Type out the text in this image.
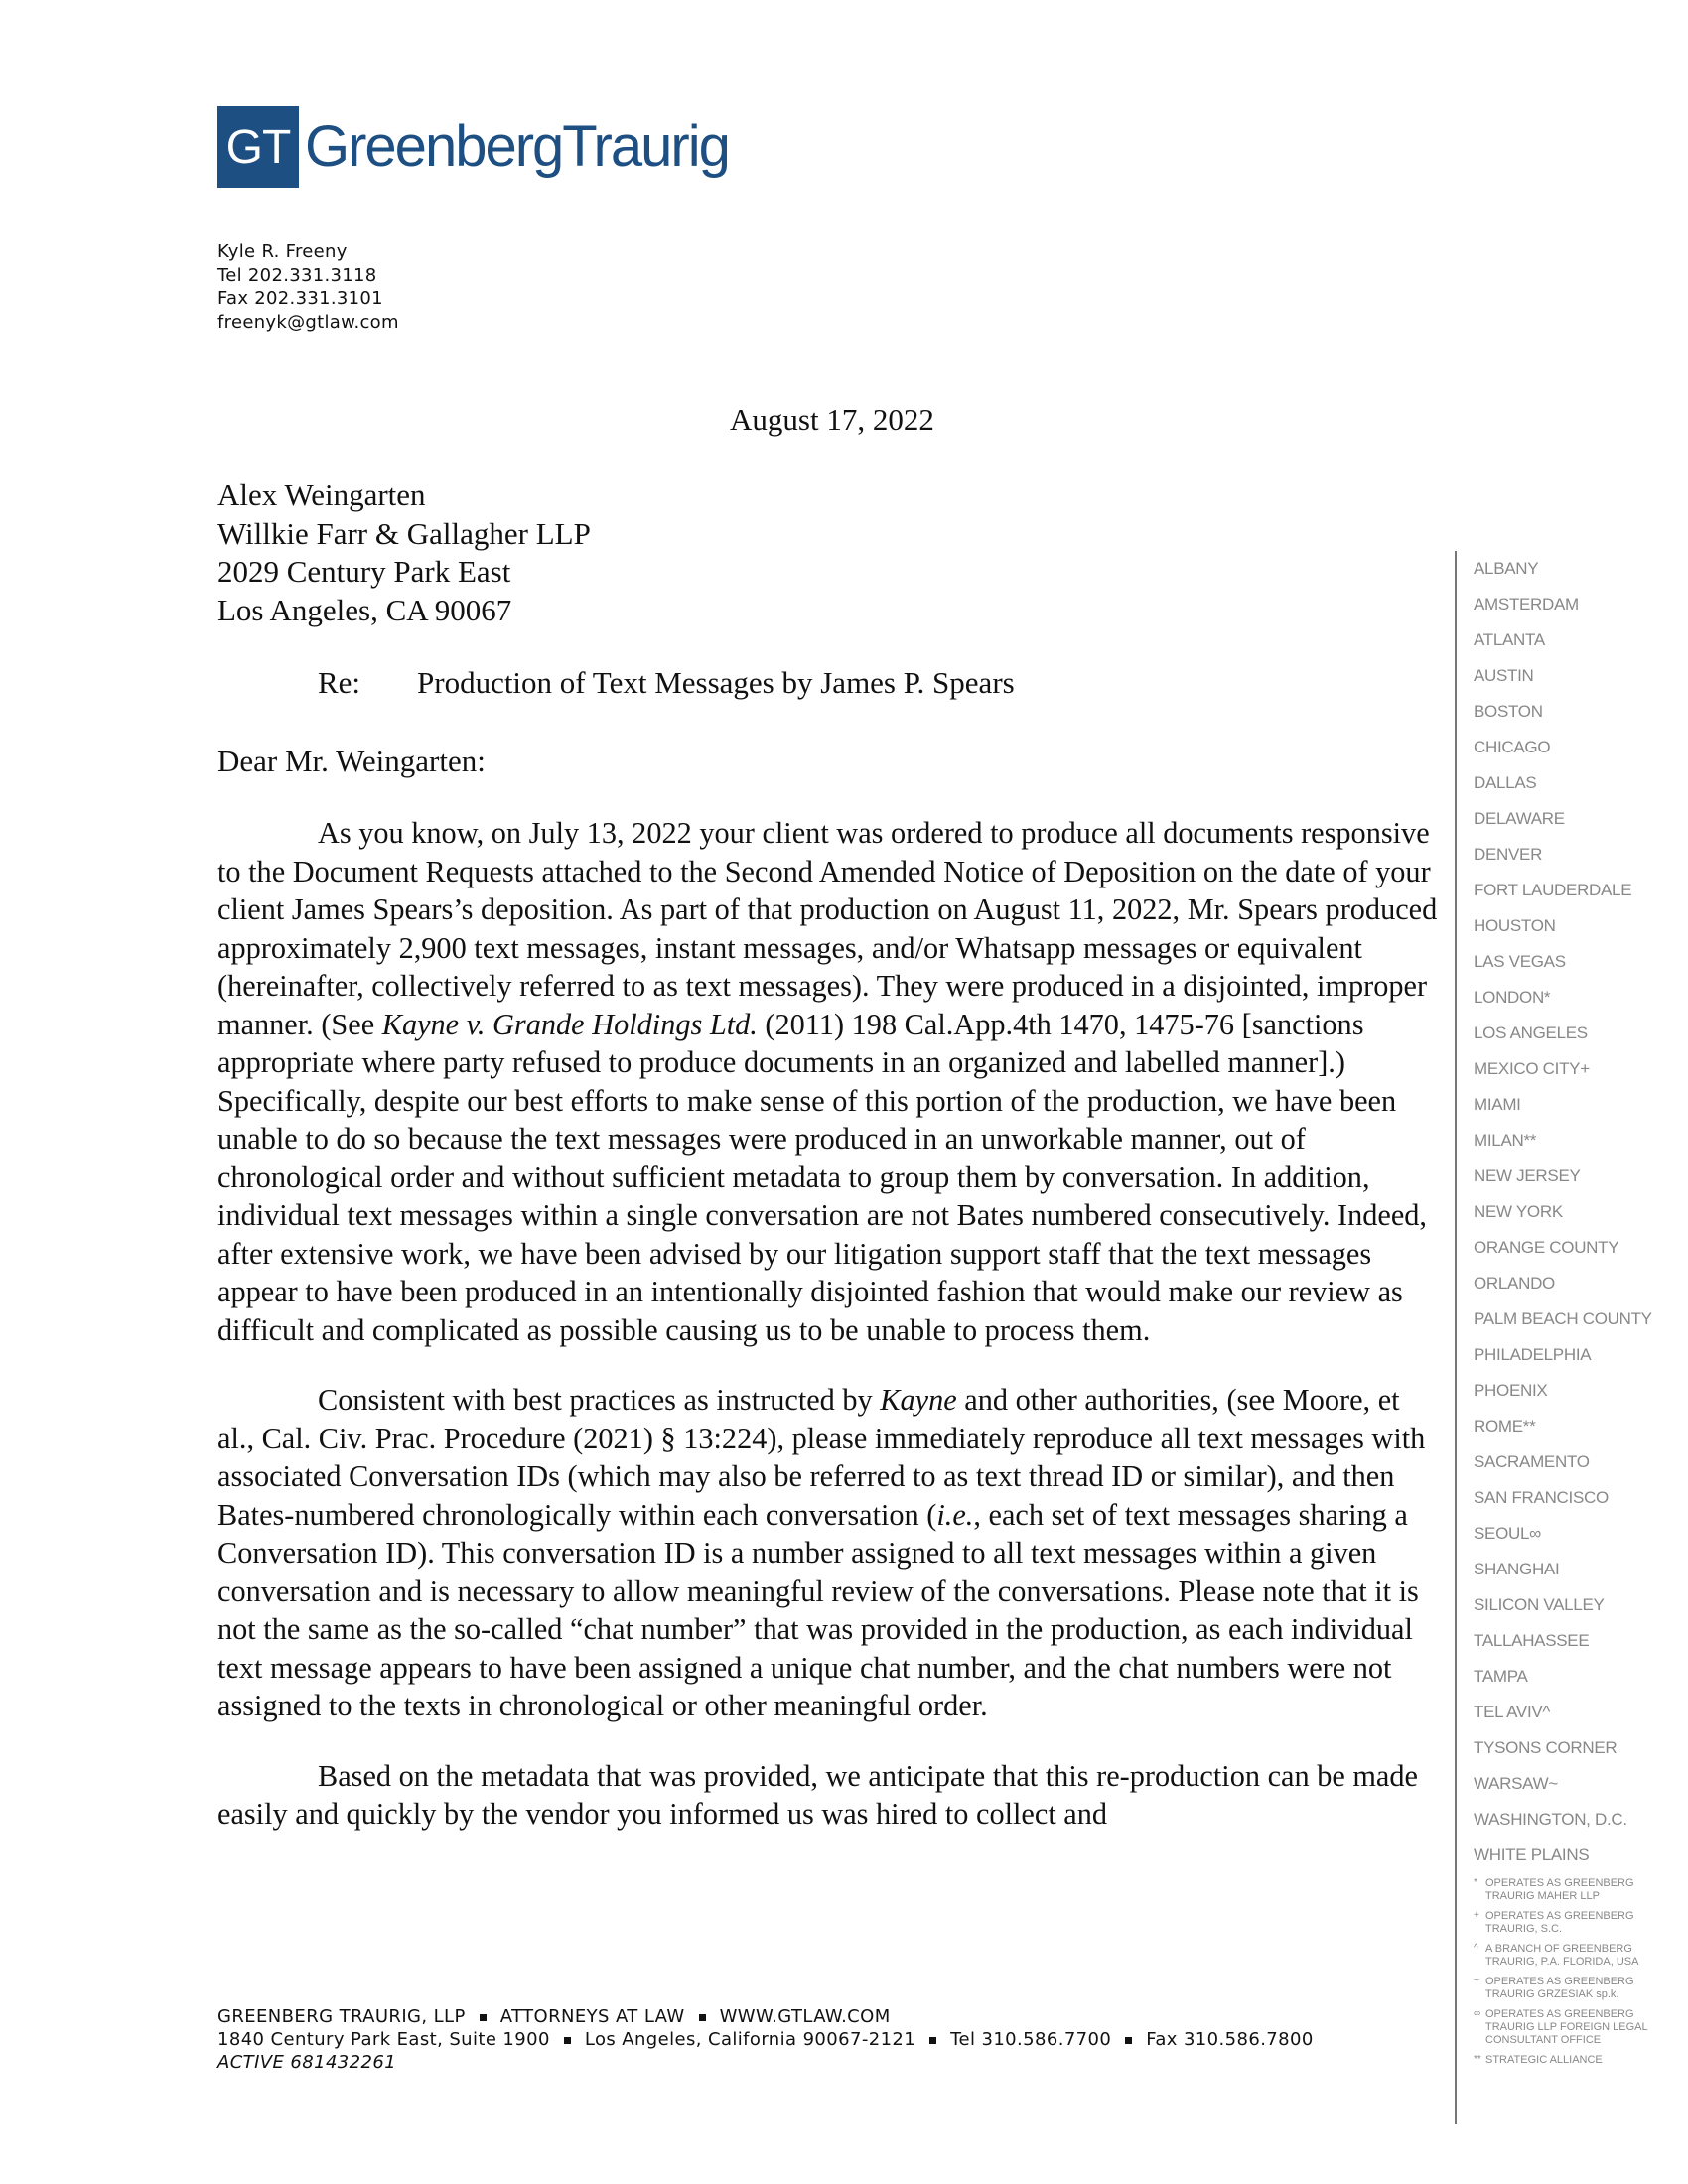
GT GreenbergTraurig
Kyle R. Freeny
Tel 202.331.3118
Fax 202.331.3101
freenyk@gtlaw.com
August 17, 2022
Alex Weingarten
Willkie Farr & Gallagher LLP
2029 Century Park East
Los Angeles, CA 90067
Re: Production of Text Messages by James P. Spears
Dear Mr. Weingarten:

As you know, on July 13, 2022 your client was ordered to produce all documents responsive to the Document Requests attached to the Second Amended Notice of Deposition on the date of your client James Spears’s deposition. As part of that production on August 11, 2022, Mr. Spears produced approximately 2,900 text messages, instant messages, and/or Whatsapp messages or equivalent (hereinafter, collectively referred to as text messages). They were produced in a disjointed, improper manner. (See Kayne v. Grande Holdings Ltd. (2011) 198 Cal.App.4th 1470, 1475-76 [sanctions appropriate where party refused to produce documents in an organized and labelled manner].) Specifically, despite our best efforts to make sense of this portion of the production, we have been unable to do so because the text messages were produced in an unworkable manner, out of chronological order and without sufficient metadata to group them by conversation. In addition, individual text messages within a single conversation are not Bates numbered consecutively. Indeed, after extensive work, we have been advised by our litigation support staff that the text messages appear to have been produced in an intentionally disjointed fashion that would make our review as difficult and complicated as possible causing us to be unable to process them.

Consistent with best practices as instructed by Kayne and other authorities, (see Moore, et al., Cal. Civ. Prac. Procedure (2021) § 13:224), please immediately reproduce all text messages with associated Conversation IDs (which may also be referred to as text thread ID or similar), and then Bates-numbered chronologically within each conversation (i.e., each set of text messages sharing a Conversation ID). This conversation ID is a number assigned to all text messages within a given conversation and is necessary to allow meaningful review of the conversations. Please note that it is not the same as the so-called “chat number” that was provided in the production, as each individual text message appears to have been assigned a unique chat number, and the chat numbers were not assigned to the texts in chronological or other meaningful order.

Based on the metadata that was provided, we anticipate that this re-production can be made easily and quickly by the vendor you informed us was hired to collect and

GREENBERG TRAURIG, LLP ATTORNEYS AT LAW WWW.GTLAW.COM
1840 Century Park East, Suite 1900 Los Angeles, California 90067-2121 Tel 310.586.7700 Fax 310.586.7800
ACTIVE 681432261
ALBANY
AMSTERDAM
ATLANTA
AUSTIN
BOSTON
CHICAGO
DALLAS
DELAWARE
DENVER
FORT LAUDERDALE
HOUSTON
LAS VEGAS
LONDON*
LOS ANGELES
MEXICO CITY+
MIAMI
MILAN**
NEW JERSEY
NEW YORK
ORANGE COUNTY
ORLANDO
PALM BEACH COUNTY
PHILADELPHIA
PHOENIX
ROME**
SACRAMENTO
SAN FRANCISCO
SEOUL∞
SHANGHAI
SILICON VALLEY
TALLAHASSEE
TAMPA
TEL AVIV^
TYSONS CORNER
WARSAW~
WASHINGTON, D.C.
WHITE PLAINS
* OPERATES AS GREENBERG TRAURIG MAHER LLP
+ OPERATES AS GREENBERG TRAURIG, S.C.
^ A BRANCH OF GREENBERG TRAURIG, P.A. FLORIDA, USA
~ OPERATES AS GREENBERG TRAURIG GRZESIAK sp.k.
∞ OPERATES AS GREENBERG TRAURIG LLP FOREIGN LEGAL CONSULTANT OFFICE
** STRATEGIC ALLIANCE
